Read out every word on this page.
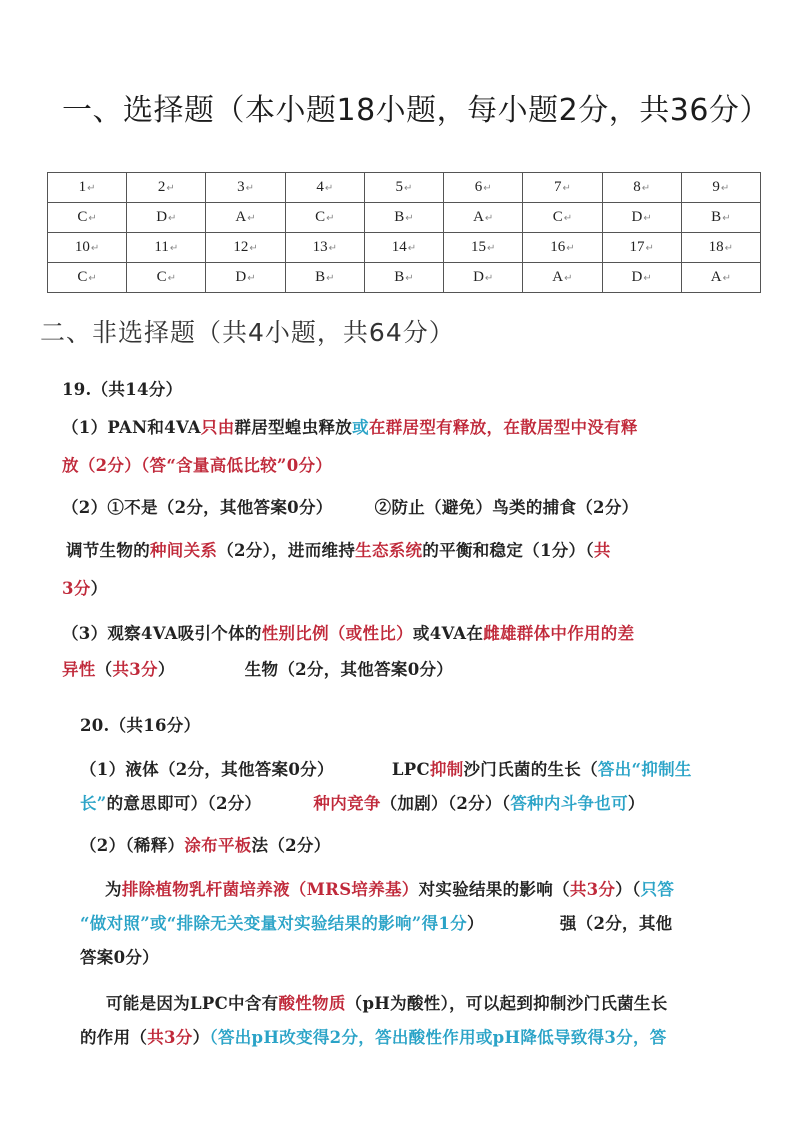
一、选择题（本小题18小题，每小题2分，共36分）
1↵	2↵	3↵	4↵	5↵	6↵	7↵	8↵	9↵
C↵	D↵	A↵	C↵	B↵	A↵	C↵	D↵	B↵
10↵	11↵	12↵	13↵	14↵	15↵	16↵	17↵	18↵
C↵	C↵	D↵	B↵	B↵	D↵	A↵	D↵	A↵
二、非选择题（共4小题，共64分）
19.（共14分）
（1）PAN和4VA只由群居型蝗虫释放或在群居型有释放，在散居型中没有释
放（2分）（答“含量高低比较”0分）
（2）①不是（2分，其他答案0分）	②防止（避免）鸟类的捕食（2分）
调节生物的种间关系（2分），进而维持生态系统的平衡和稳定（1分）（共
3分）
（3）观察4VA吸引个体的性别比例（或性比）或4VA在雌雄群体中作用的差
异性（共3分）	生物（2分，其他答案0分）
20.（共16分）
（1）液体（2分，其他答案0分）	LPC抑制沙门氏菌的生长（答出“抑制生
长”的意思即可）（2分）	种内竞争（加剧）（2分）（答种内斗争也可）
（2）（稀释）涂布平板法（2分）
为排除植物乳杆菌培养液（MRS培养基）对实验结果的影响（共3分）（只答
“做对照”或“排除无关变量对实验结果的影响”得1分）	强（2分，其他
答案0分）
可能是因为LPC中含有酸性物质（pH为酸性），可以起到抑制沙门氏菌生长
的作用（共3分）（答出pH改变得2分，答出酸性作用或pH降低导致得3分，答
